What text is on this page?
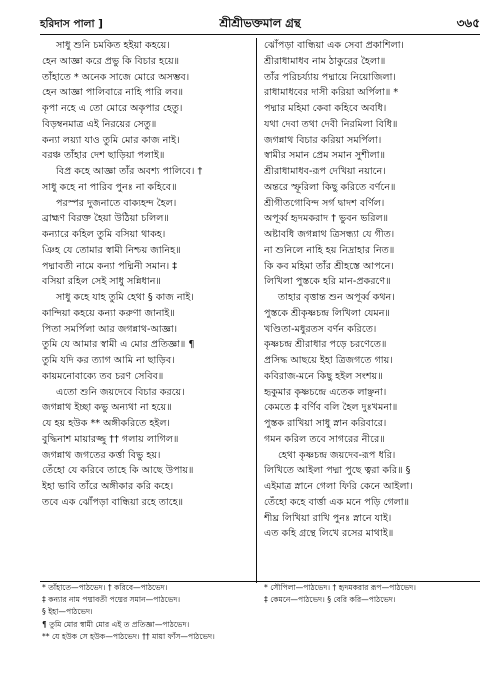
হরিদাস পালা ]	শ্রীশ্রীভক্তমাল গ্রন্থ	৩৬৫
সাধু শুনি চমকিত হইয়া কহয়ে।
হেন আজ্ঞা করে প্রভু কি বিচার হয়ে॥
তাঁহাতে * অনেক সাজে মোরে অসম্ভব।
হেন আজ্ঞা পালিবারে নাহি পারি লব॥
কৃপা নহে এ তো মোরে অকৃপার হেতু।
বিড়ম্বনমাত্র এই নিরয়ের সেতু॥
কন্যা লয়্যা যাও তুমি মোর কাজ নাই।
বরঞ্চ তাঁহার দেশ ছাড়িয়া পলাই॥
বিপ্র কহে আজ্ঞা তাঁর অবশ্য পালিবে। †
সাধু কহে না পারিব পুনঃ না কহিবে॥
পরস্পর দুজনাতে বাক্যহন্দ হৈল।
ব্রাহ্মণ বিরক্ত হৈয়া উঠিয়া চলিল॥
কন্যারে কহিল তুমি বসিয়া থাকহ।
ঞিহ যে তোমার স্বামী নিশ্চয় জানিহ॥
পদ্মাবতী নামে কন্যা পদ্মিনী সমান। ‡
বসিয়া রহিল সেই সাধু সন্নিধান॥
সাধু কহে যাহ তুমি হেথা § কাজ নাই।
কান্দিয়া কহয়ে কন্যা করুণা জানাই॥
পিতা সমর্পিলা আর জগন্নাথ-আজ্ঞা।
তুমি যে আমার স্বামী এ মোর প্রতিজ্ঞা॥ ¶
তুমি যদি কর ত্যাগ আমি না ছাড়িব।
কায়মনোবাক্যে তব চরণ সেবিব॥
এতো শুনি জয়দেবে বিচার করয়ে।
জগন্নাথ ইচ্ছা কভু অন্যথা না হয়ে॥
যে হয় হউক ** অঙ্গীকরিতে হইল।
বুদ্ধিনাশ মায়ারজ্জু †† গলায় লাগিল॥
জগন্নাথ জগতের কর্ত্তা বিভু হয়।
তেঁহো যে করিবে তাহে কি আছে উপায়॥
ইহা ভাবি তাঁরে অঙ্গীকার করি কহে।
তবে এক ঝোঁপড়া বান্ধিয়া রহে তাহে॥
ঝোঁপড়া বান্ধিয়া এক সেবা প্রকাশিলা।
শ্রীরাধামাধব নাম ঠাকুরের হৈলা॥
তাঁর পরিচর্য্যায় পদ্মায়ে নিয়োজিলা।
রাধামাধবের দাসী করিয়া অর্পিলা॥ *
পদ্মার মহিমা কেবা কহিবে অবধি।
যথা দেবা তথা দেবী নিরমিলা বিধি॥
জগন্নাথ বিচার করিয়া সমর্পিলা।
স্বামীর সমান প্রেম সমান সুশীলা॥
শ্রীরাধামাধব-রূপ দেখিয়া নয়ানে।
অন্তরে স্ফূরিলা কিছু করিতে বর্ণনে॥
শ্রীগীতগোবিন্দ সর্গ দ্বাদশ বর্ণিল।
অপূর্ব্ব হৃদমকরাদ † ভুবন ভরিল॥
অষ্টাবধি জগন্নাথ ত্রিসন্ধ্যা যে গীত।
না শুনিলে নাহি হয় নিদ্রাহার নিত॥
কি কব মহিমা তাঁর শ্রীহস্তে আপনে।
লিখিলা পুস্তকে হরি মান-প্রকরণে॥
তাহার বৃত্তান্ত শুন অপূর্ব্ব কথন।
পুস্তকে শ্রীকৃষ্ণচন্দ্র লিখিলা যেমন॥
খণ্ডিতা-মধুরতস বর্ণন করিতে।
কৃষ্ণচন্দ্র শ্রীরাধার পড়ে চরণেতে॥
প্রসিদ্ধ আছয়ে ইহা ত্রিজগতে গায়।
কবিরাজ-মনে কিছু হইল সংশয়॥
হৃকুমার কৃষ্ণচন্দ্রে এতেক লাঞ্ছনা।
কেমতে ‡ বর্ণিব বলি হৈল দুঃখমনা॥
পুস্তক রাখিয়া সাধু স্নান করিবারে।
গমন করিল তবে সাগরের নীরে॥
হেথা কৃষ্ণচন্দ্র জয়দেব-রূপ ধরি।
লিখিতে আইলা পদ্মা পুছে ত্বরা করি॥ §
এইমাত্র স্নানে গেলা ফিরি কেনে আইলা।
তেঁহো কহে বার্ত্তা এক মনে পড়ি গেলা॥
শীঘ্র লিখিয়া রাখি পুনঃ স্নানে যাই।
এত কহি গ্রন্থে লিখে রসের মাথাই॥
* তাঁহাতে—পাঠভেদ। † করিবে—পাঠভেদ।
‡ কন্যার নাম পদ্মাবতী পদ্মের সমান—পাঠভেদ।
§ ইহা—পাঠভেদ।
¶ তুমি মোর স্বামী মোর এই ত প্রতিজ্ঞা—পাঠভেদ।
** যে হউক সে হউক—পাঠভেদ। †† মায়া ফাঁস—পাঠভেদ।
* সৌপিলা—পাঠভেদ। † হৃদমকরার রূপ—পাঠভেদ।
‡ কেমনে—পাঠভেদ। § বেরি করি—পাঠভেদ।
